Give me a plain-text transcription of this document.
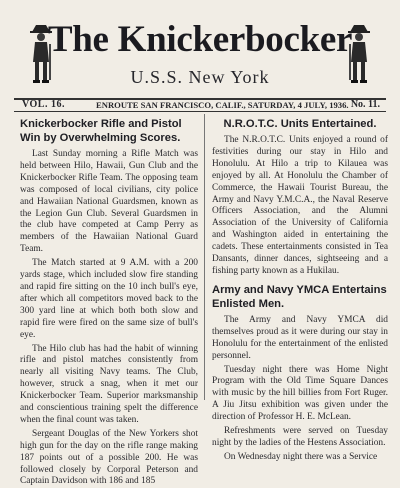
The Knickerbocker
U.S.S. New York
VOL. 16.	ENROUTE SAN FRANCISCO, CALIF., SATURDAY, 4 JULY, 1936. No. 11.
Knickerbocker Rifle and Pistol Win by Overwhelming Scores.

Last Sunday morning a Rifle Match was held between Hilo, Hawaii, Gun Club and the Knickerbocker Rifle Team. The opposing team was composed of local civilians, city police and Hawaiian National Guardsmen, known as the Legion Gun Club. Several Guardsmen in the club have competed at Camp Perry as members of the Hawaiian National Guard Team.

The Match started at 9 A.M. with a 200 yards stage, which included slow fire standing and rapid fire sitting on the 10 inch bull's eye, after which all competitors moved back to the 300 yard line at which both both slow and rapid fire were fired on the same size of bull's eye.

The Hilo club has had the habit of winning rifle and pistol matches consistently from nearly all visiting Navy teams. The Club, however, struck a snag, when it met our Knickerbocker Team. Superior marksmanship and conscientious training spelt the difference when the final count was taken.

Sergeant Douglas of the New Yorkers shot high gun for the day on the rifle range making 187 points out of a possible 200. He was followed closely by Corporal Peterson and Captain Davidson with 186 and 185

N.R.O.T.C. Units Entertained.

The N.R.O.T.C. Units enjoyed a round of festivities during our stay in Hilo and Honolulu. At Hilo a trip to Kilauea was enjoyed by all. At Honolulu the Chamber of Commerce, the Hawaii Tourist Bureau, the Army and Navy Y.M.C.A., the Naval Reserve Officers Association, and the Alumni Association of the University of California and Washington aided in entertaining the cadets. These entertainments consisted in Tea Dansants, dinner dances, sightseeing and a fishing party known as a Hukilau.

Army and Navy YMCA Entertains Enlisted Men.

The Army and Navy YMCA did themselves proud as it were during our stay in Honolulu for the entertainment of the enlisted personnel.

Tuesday night there was Home Night Program with the Old Time Square Dances with music by the hill billies from Fort Ruger. A Jiu Jitsu exhibition was given under the direction of Professor H. E. McLean.

Refreshments were served on Tuesday night by the ladies of the Hestens Association.

On Wednesday night there was a Service
